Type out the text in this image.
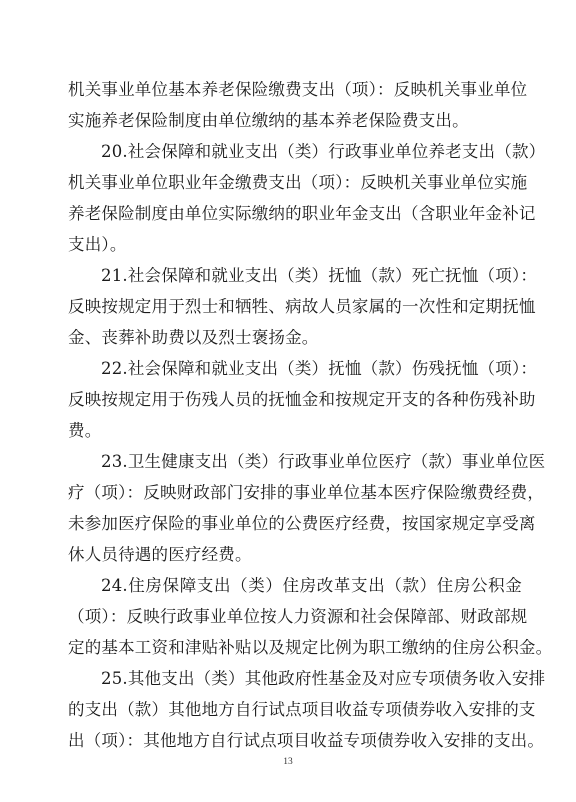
机关事业单位基本养老保险缴费支出（项）：反映机关事业单位
实施养老保险制度由单位缴纳的基本养老保险费支出。
20.社会保障和就业支出（类）行政事业单位养老支出（款）
机关事业单位职业年金缴费支出（项）：反映机关事业单位实施
养老保险制度由单位实际缴纳的职业年金支出（含职业年金补记
支出）。
21.社会保障和就业支出（类）抚恤（款）死亡抚恤（项）：
反映按规定用于烈士和牺牲、病故人员家属的一次性和定期抚恤
金、丧葬补助费以及烈士褒扬金。
22.社会保障和就业支出（类）抚恤（款）伤残抚恤（项）：
反映按规定用于伤残人员的抚恤金和按规定开支的各种伤残补助
费。
23.卫生健康支出（类）行政事业单位医疗（款）事业单位医
疗（项）：反映财政部门安排的事业单位基本医疗保险缴费经费，
未参加医疗保险的事业单位的公费医疗经费，按国家规定享受离
休人员待遇的医疗经费。
24.住房保障支出（类）住房改革支出（款）住房公积金
（项）：反映行政事业单位按人力资源和社会保障部、财政部规
定的基本工资和津贴补贴以及规定比例为职工缴纳的住房公积金。
25.其他支出（类）其他政府性基金及对应专项债务收入安排
的支出（款）其他地方自行试点项目收益专项债券收入安排的支
出（项）：其他地方自行试点项目收益专项债券收入安排的支出。
13
